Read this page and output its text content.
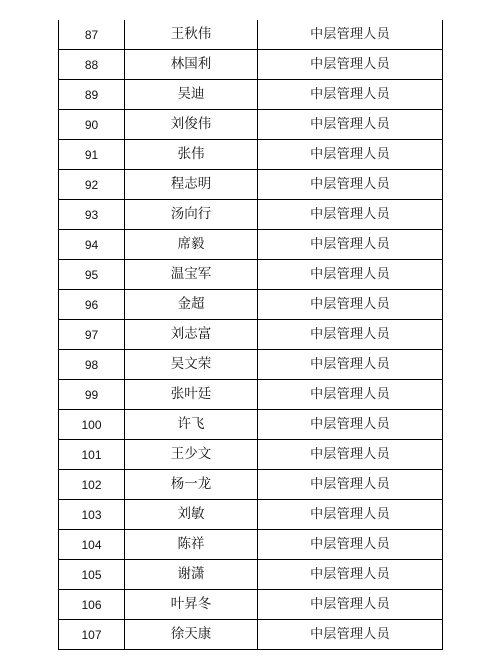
87	王秋伟	中层管理人员
88	林国利	中层管理人员
89	吴迪	中层管理人员
90	刘俊伟	中层管理人员
91	张伟	中层管理人员
92	程志明	中层管理人员
93	汤向行	中层管理人员
94	席毅	中层管理人员
95	温宝军	中层管理人员
96	金超	中层管理人员
97	刘志富	中层管理人员
98	吴文荣	中层管理人员
99	张叶廷	中层管理人员
100	许飞	中层管理人员
101	王少文	中层管理人员
102	杨一龙	中层管理人员
103	刘敏	中层管理人员
104	陈祥	中层管理人员
105	谢潇	中层管理人员
106	叶昇冬	中层管理人员
107	徐天康	中层管理人员
